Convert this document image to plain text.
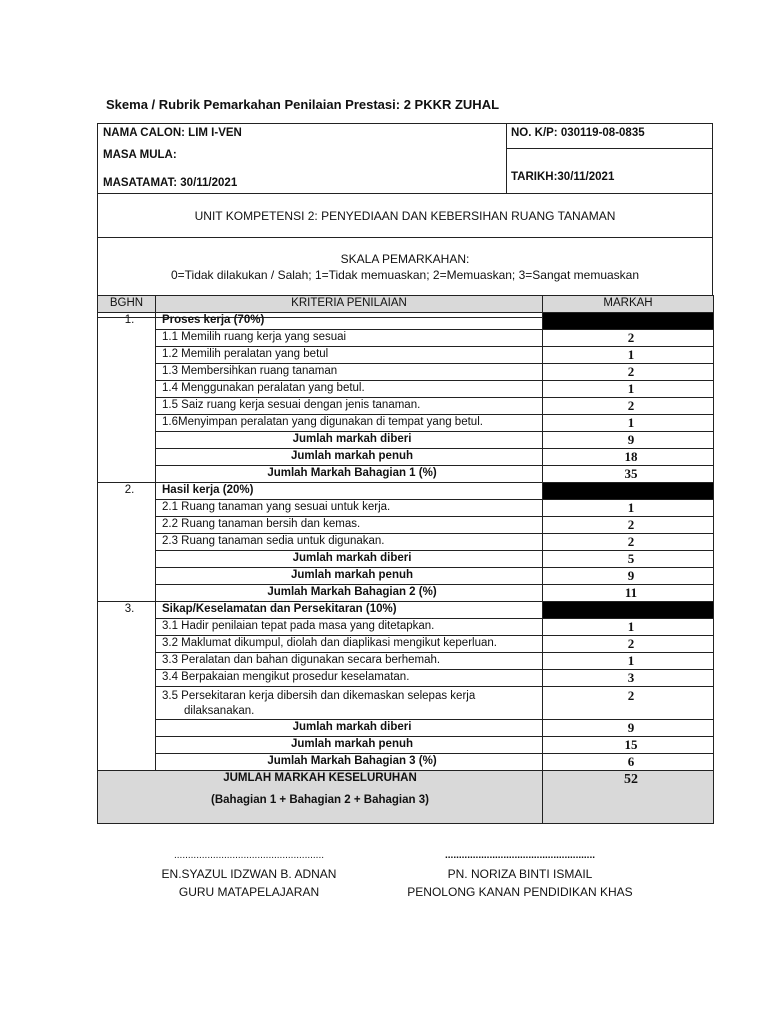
Skema / Rubrik Pemarkahan Penilaian Prestasi: 2 PKKR ZUHAL
NAMA CALON: LIM I-VEN	NO. K/P: 030119-08-0835
MASA MULA:
MASATAMAT: 30/11/2021	TARIKH:30/11/2021
UNIT KOMPETENSI 2: PENYEDIAAN DAN KEBERSIHAN RUANG TANAMAN
SKALA PEMARKAHAN:
0=Tidak dilakukan / Salah; 1=Tidak memuaskan; 2=Memuaskan; 3=Sangat memuaskan
BGHN	KRITERIA PENILAIAN	MARKAH
1.	Proses kerja (70%)	
	1.1 Memilih ruang kerja yang sesuai	2
	1.2 Memilih peralatan yang betul	1
	1.3 Membersihkan ruang tanaman	2
	1.4 Menggunakan peralatan yang betul.	1
	1.5 Saiz ruang kerja sesuai dengan jenis tanaman.	2
	1.6Menyimpan peralatan yang digunakan di tempat yang betul.	1
	Jumlah markah diberi	9
	Jumlah markah penuh	18
	Jumlah Markah Bahagian 1 (%)	35
2.	Hasil kerja (20%)	
	2.1 Ruang tanaman yang sesuai untuk kerja.	1
	2.2 Ruang tanaman bersih dan kemas.	2
	2.3 Ruang tanaman sedia untuk digunakan.	2
	Jumlah markah diberi	5
	Jumlah markah penuh	9
	Jumlah Markah Bahagian 2 (%)	11
3.	Sikap/Keselamatan dan Persekitaran (10%)	
	3.1 Hadir penilaian tepat pada masa yang ditetapkan.	1
	3.2 Maklumat dikumpul, diolah dan diaplikasi mengikut keperluan.	2
	3.3 Peralatan dan bahan digunakan secara berhemah.	1
	3.4 Berpakaian mengikut prosedur keselamatan.	3

	3.5 Persekitaran kerja dibersih dan dikemaskan selepas kerja
dilaksanakan.	2
	Jumlah markah diberi	9
	Jumlah markah penuh	15
	Jumlah Markah Bahagian 3 (%)	6

JUMLAH MARKAH KESELURUHAN
(Bahagian 1 + Bahagian 2 + Bahagian 3)		52
......................................................
EN.SYAZUL IDZWAN B. ADNAN
GURU MATAPELAJARAN
......................................................
PN. NORIZA BINTI ISMAIL
PENOLONG KANAN PENDIDIKAN KHAS
